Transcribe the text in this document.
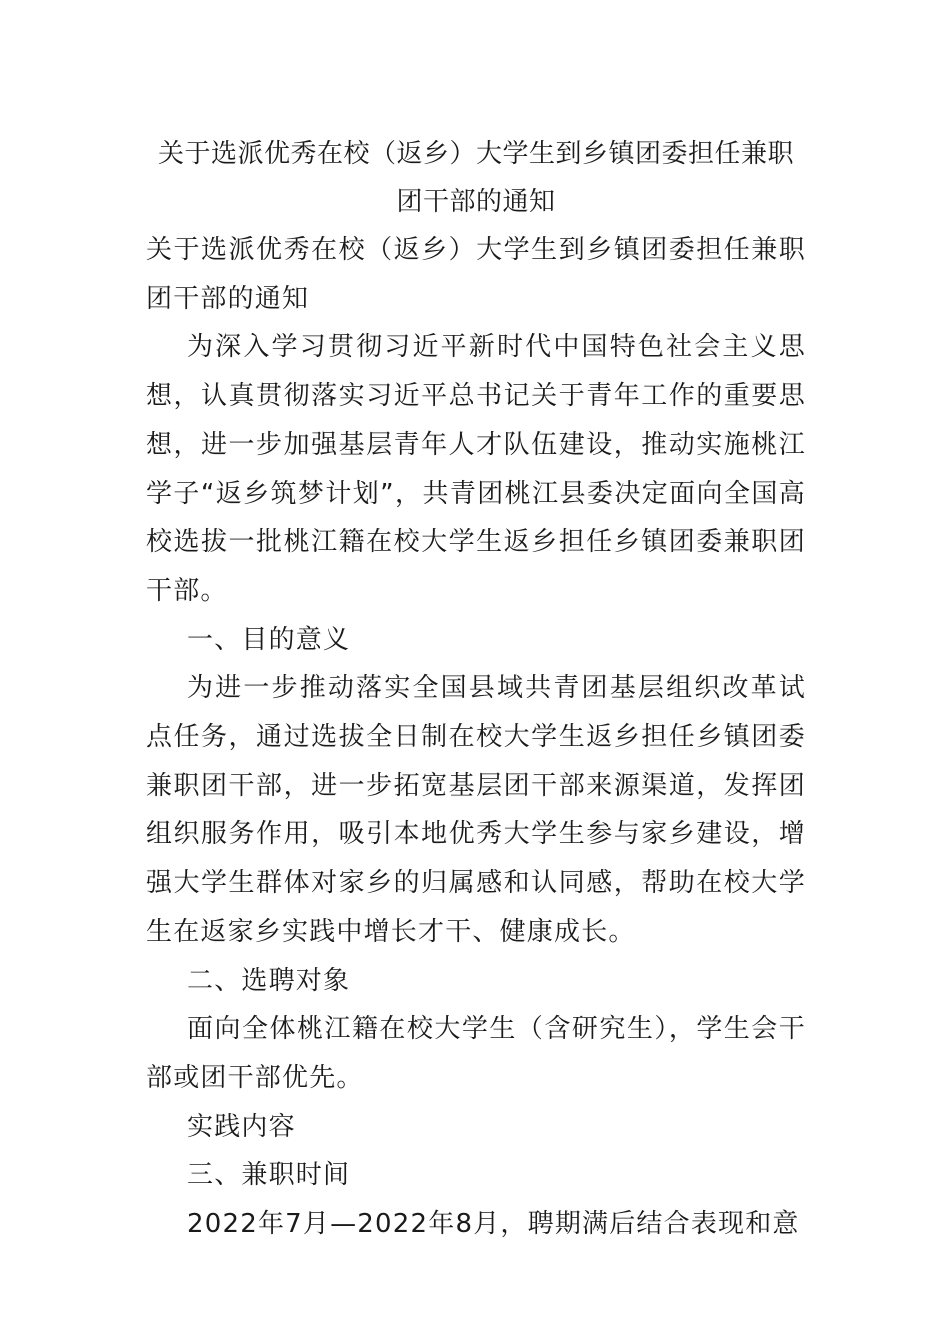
关于选派优秀在校（返乡）大学生到乡镇团委担任兼职团干部的通知

关于选派优秀在校（返乡）大学生到乡镇团委担任兼职团干部的通知

为深入学习贯彻习近平新时代中国特色社会主义思想，认真贯彻落实习近平总书记关于青年工作的重要思想，进一步加强基层青年人才队伍建设，推动实施桃江学子“返乡筑梦计划”，共青团桃江县委决定面向全国高校选拔一批桃江籍在校大学生返乡担任乡镇团委兼职团干部。

一、目的意义

为进一步推动落实全国县域共青团基层组织改革试点任务，通过选拔全日制在校大学生返乡担任乡镇团委兼职团干部，进一步拓宽基层团干部来源渠道，发挥团组织服务作用，吸引本地优秀大学生参与家乡建设，增强大学生群体对家乡的归属感和认同感，帮助在校大学生在返家乡实践中增长才干、健康成长。

二、选聘对象

面向全体桃江籍在校大学生（含研究生），学生会干部或团干部优先。

实践内容

三、兼职时间

2022年7月—2022年8月，聘期满后结合表现和意
